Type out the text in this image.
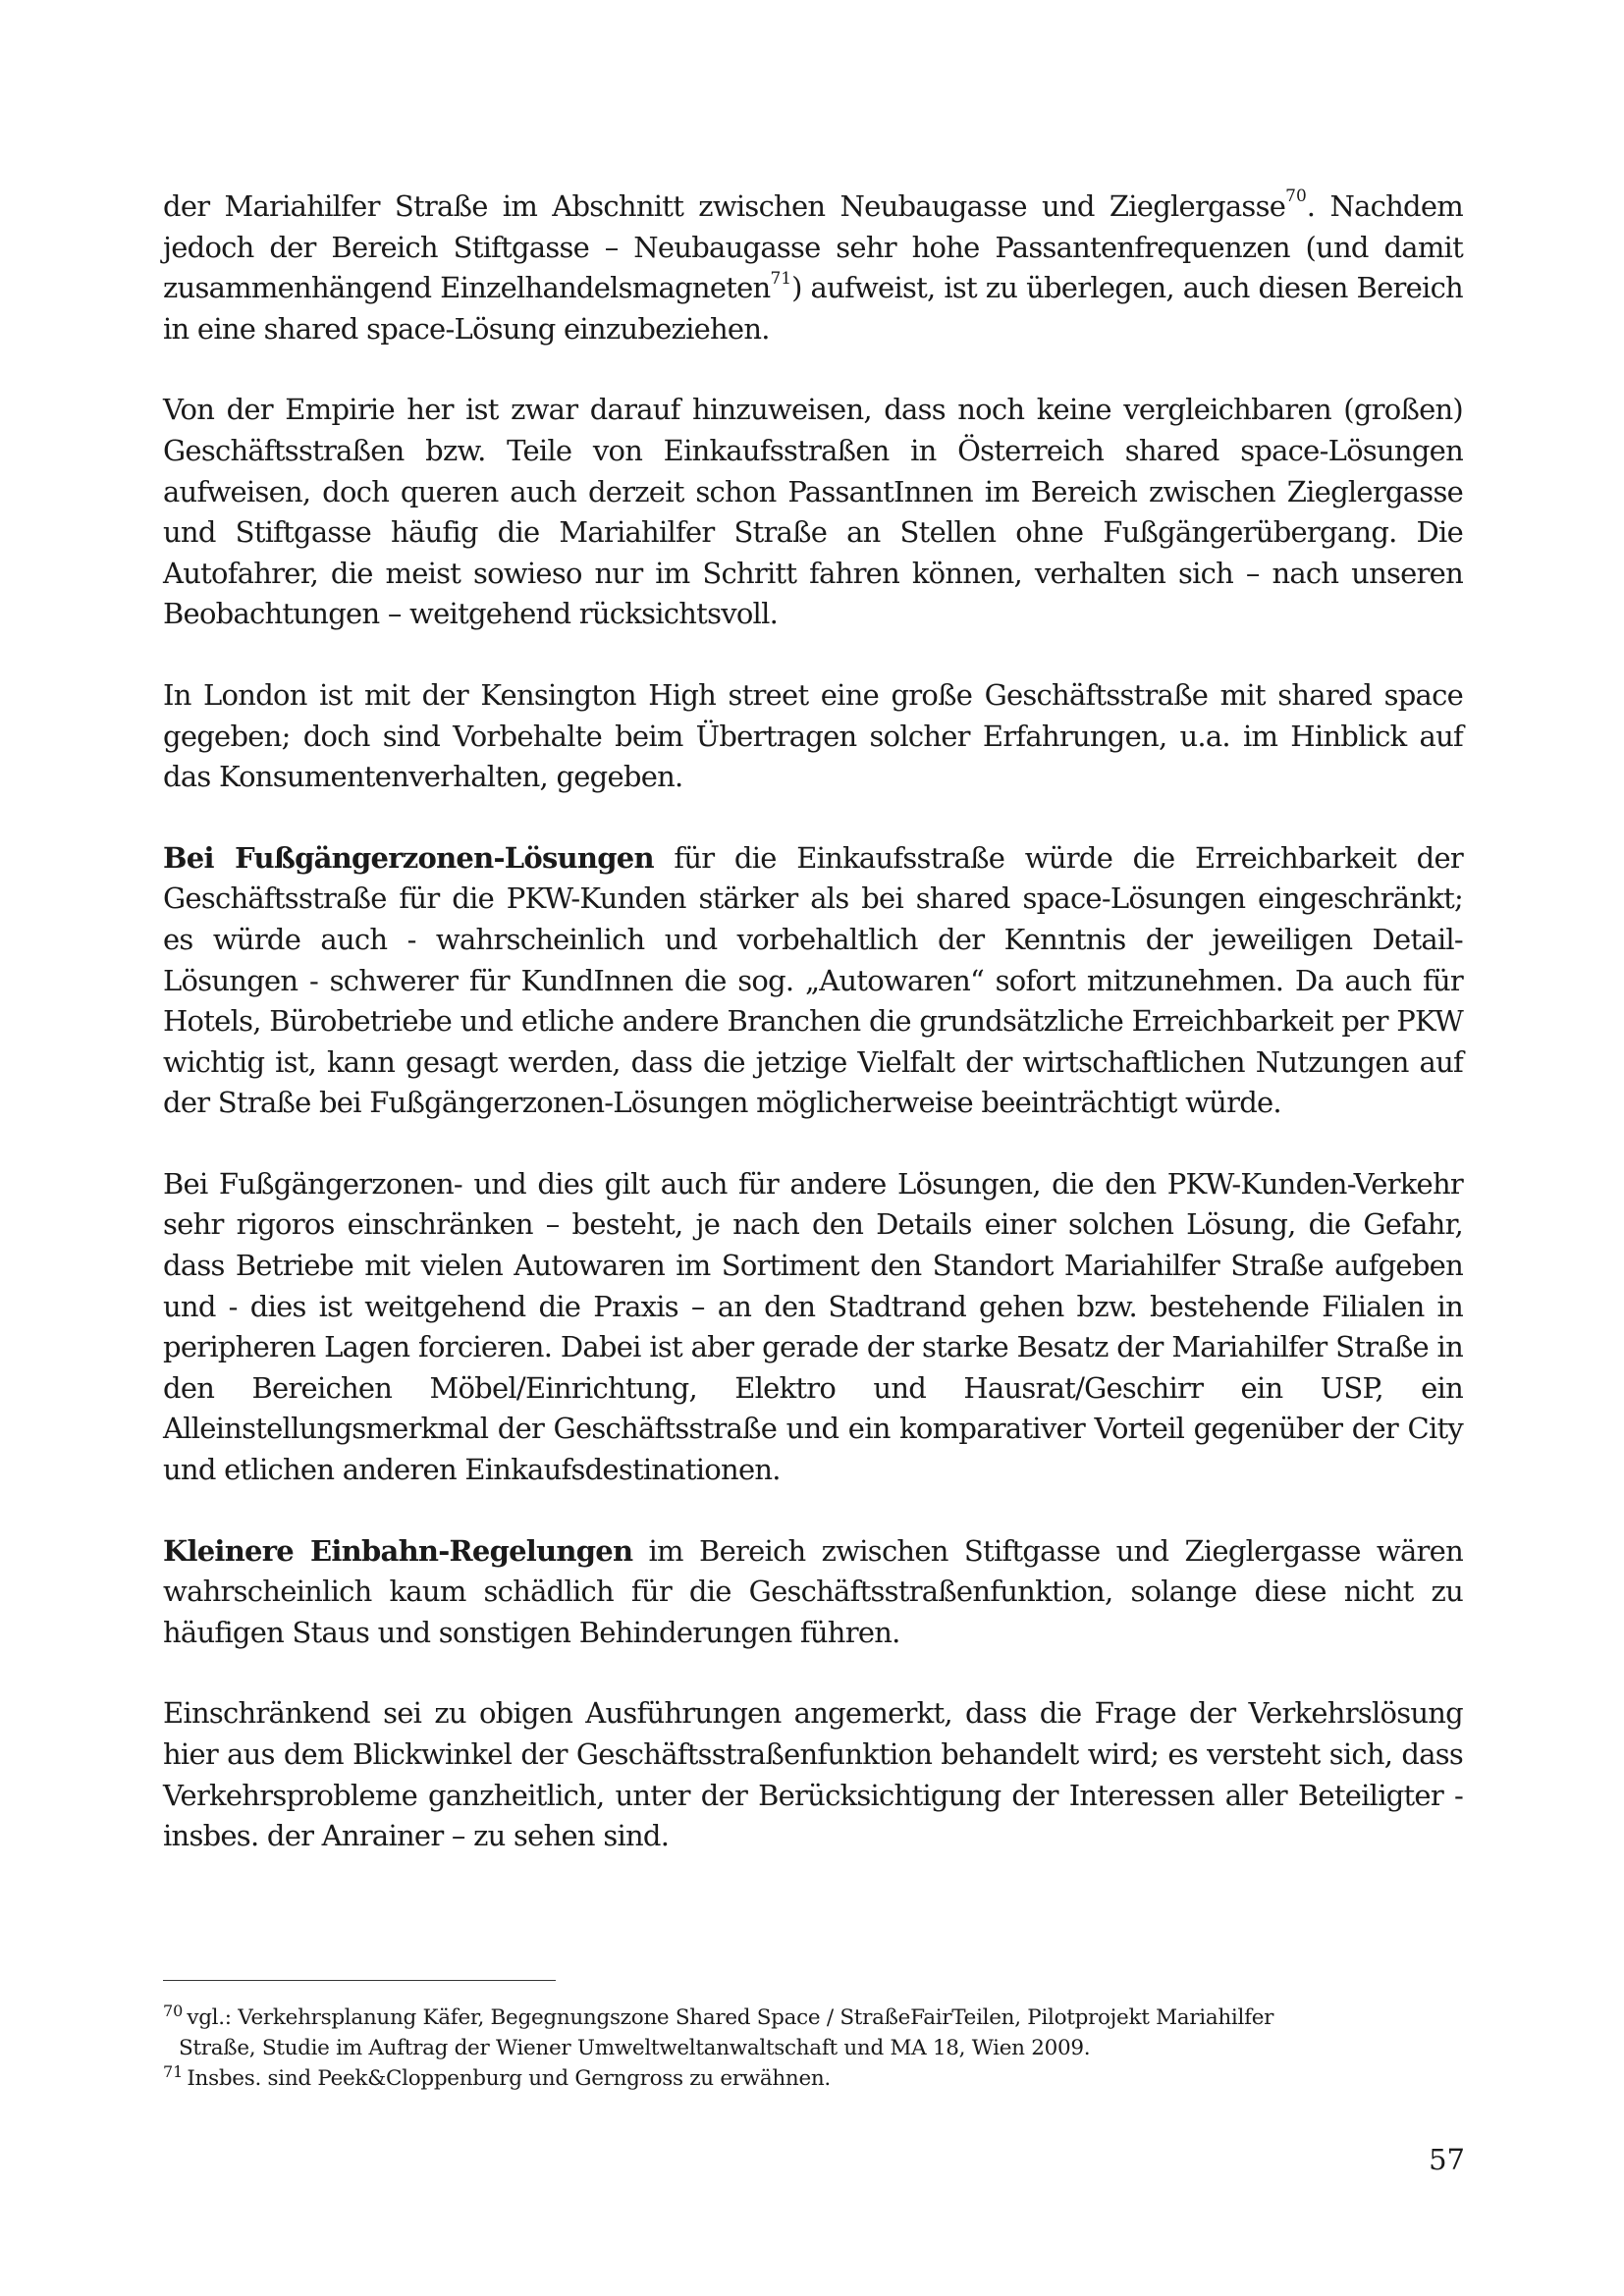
der Mariahilfer Straße im Abschnitt zwischen Neubaugasse und Zieglergasse$^{70}$. Nachdem jedoch der Bereich Stiftgasse – Neubaugasse sehr hohe Passantenfrequenzen (und damit zusammenhängend Einzelhandelsmagneten$^{71}$) aufweist, ist zu überlegen, auch diesen Bereich in eine shared space-Lösung einzubeziehen.

Von der Empirie her ist zwar darauf hinzuweisen, dass noch keine vergleichbaren (großen) Geschäftsstraßen bzw. Teile von Einkaufsstraßen in Österreich shared space-Lösungen aufweisen, doch queren auch derzeit schon PassantInnen im Bereich zwischen Zieglergasse und Stiftgasse häufig die Mariahilfer Straße an Stellen ohne Fußgängerübergang. Die Autofahrer, die meist sowieso nur im Schritt fahren können, verhalten sich – nach unseren Beobachtungen – weitgehend rücksichtsvoll.

In London ist mit der Kensington High street eine große Geschäftsstraße mit shared space gegeben; doch sind Vorbehalte beim Übertragen solcher Erfahrungen, u.a. im Hinblick auf das Konsumentenverhalten, gegeben.

Bei Fußgängerzonen-Lösungen für die Einkaufsstraße würde die Erreichbarkeit der Geschäftsstraße für die PKW-Kunden stärker als bei shared space-Lösungen eingeschränkt; es würde auch - wahrscheinlich und vorbehaltlich der Kenntnis der jeweiligen Detail-Lösungen - schwerer für KundInnen die sog. „Autowaren“ sofort mitzunehmen. Da auch für Hotels, Bürobetriebe und etliche andere Branchen die grundsätzliche Erreichbarkeit per PKW wichtig ist, kann gesagt werden, dass die jetzige Vielfalt der wirtschaftlichen Nutzungen auf der Straße bei Fußgängerzonen-Lösungen möglicherweise beeinträchtigt würde.

Bei Fußgängerzonen- und dies gilt auch für andere Lösungen, die den PKW-Kunden-Verkehr sehr rigoros einschränken – besteht, je nach den Details einer solchen Lösung, die Gefahr, dass Betriebe mit vielen Autowaren im Sortiment den Standort Mariahilfer Straße aufgeben und - dies ist weitgehend die Praxis – an den Stadtrand gehen bzw. bestehende Filialen in peripheren Lagen forcieren. Dabei ist aber gerade der starke Besatz der Mariahilfer Straße in den Bereichen Möbel/Einrichtung, Elektro und Hausrat/Geschirr ein USP, ein Alleinstellungsmerkmal der Geschäftsstraße und ein komparativer Vorteil gegenüber der City und etlichen anderen Einkaufsdestinationen.

Kleinere Einbahn-Regelungen im Bereich zwischen Stiftgasse und Zieglergasse wären wahrscheinlich kaum schädlich für die Geschäftsstraßenfunktion, solange diese nicht zu häufigen Staus und sonstigen Behinderungen führen.

Einschränkend sei zu obigen Ausführungen angemerkt, dass die Frage der Verkehrslösung hier aus dem Blickwinkel der Geschäftsstraßenfunktion behandelt wird; es versteht sich, dass Verkehrsprobleme ganzheitlich, unter der Berücksichtigung der Interessen aller Beteiligter - insbes. der Anrainer – zu sehen sind.

$^{70}$ vgl.: Verkehrsplanung Käfer, Begegnungszone Shared Space / StraßeFairTeilen, Pilotprojekt Mariahilfer
Straße, Studie im Auftrag der Wiener Umweltweltanwaltschaft und MA 18, Wien 2009.

$^{71}$ Insbes. sind Peek&Cloppenburg und Gerngross zu erwähnen.

57
